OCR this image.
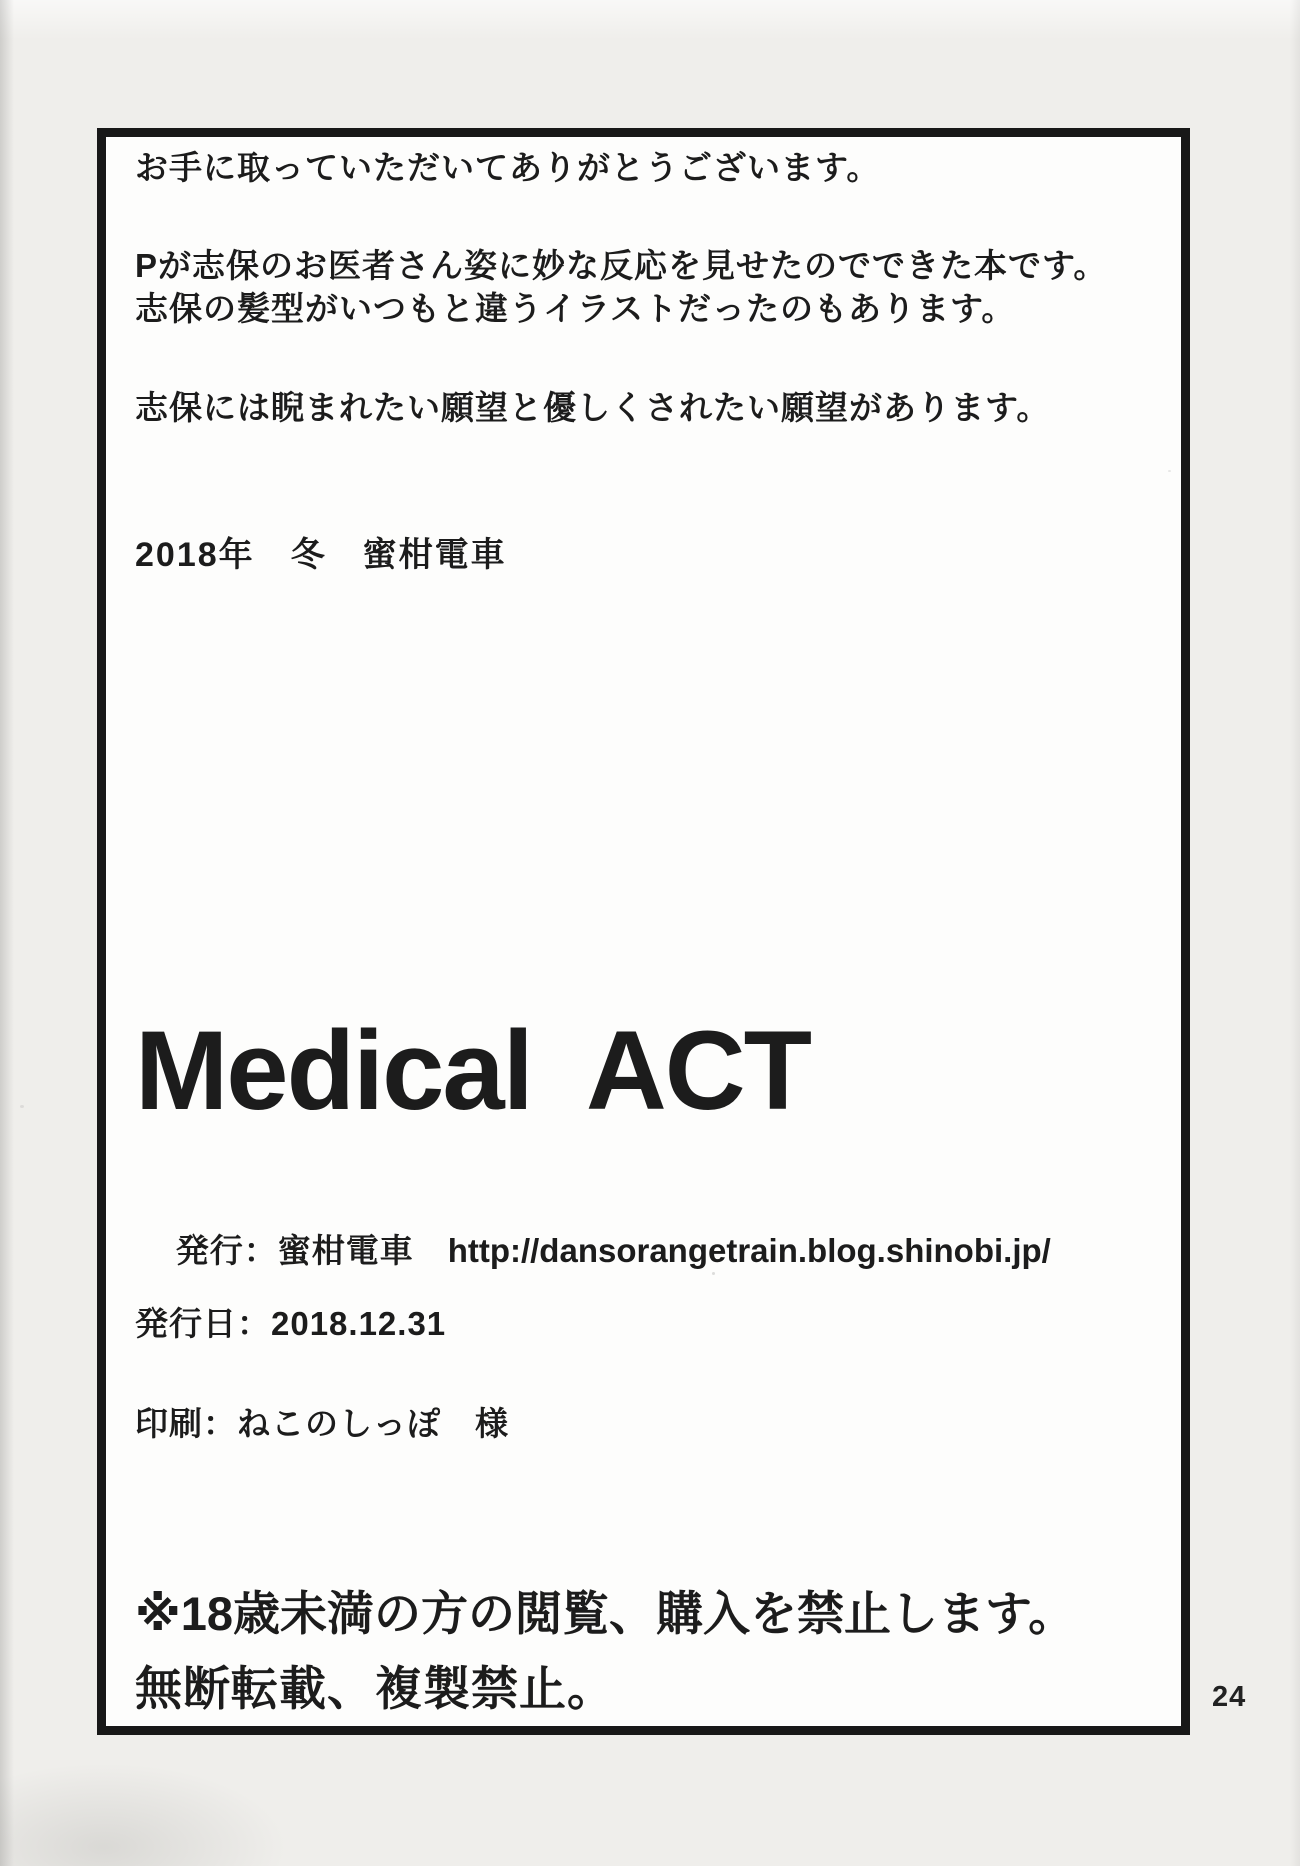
お手に取っていただいてありがとうございます。
Pが志保のお医者さん姿に妙な反応を見せたのでできた本です。
志保の髪型がいつもと違うイラストだったのもあります。
志保には睨まれたい願望と優しくされたい願望があります。
2018年　冬　蜜柑電車
Medical  ACT

発行：蜜柑電車 http://dansorangetrain.blog.shinobi.jp/

発行日：2018.12.31
印刷：ねこのしっぽ　様
※18歳未満の方の閲覧、購入を禁止します。
無断転載、複製禁止。	24
